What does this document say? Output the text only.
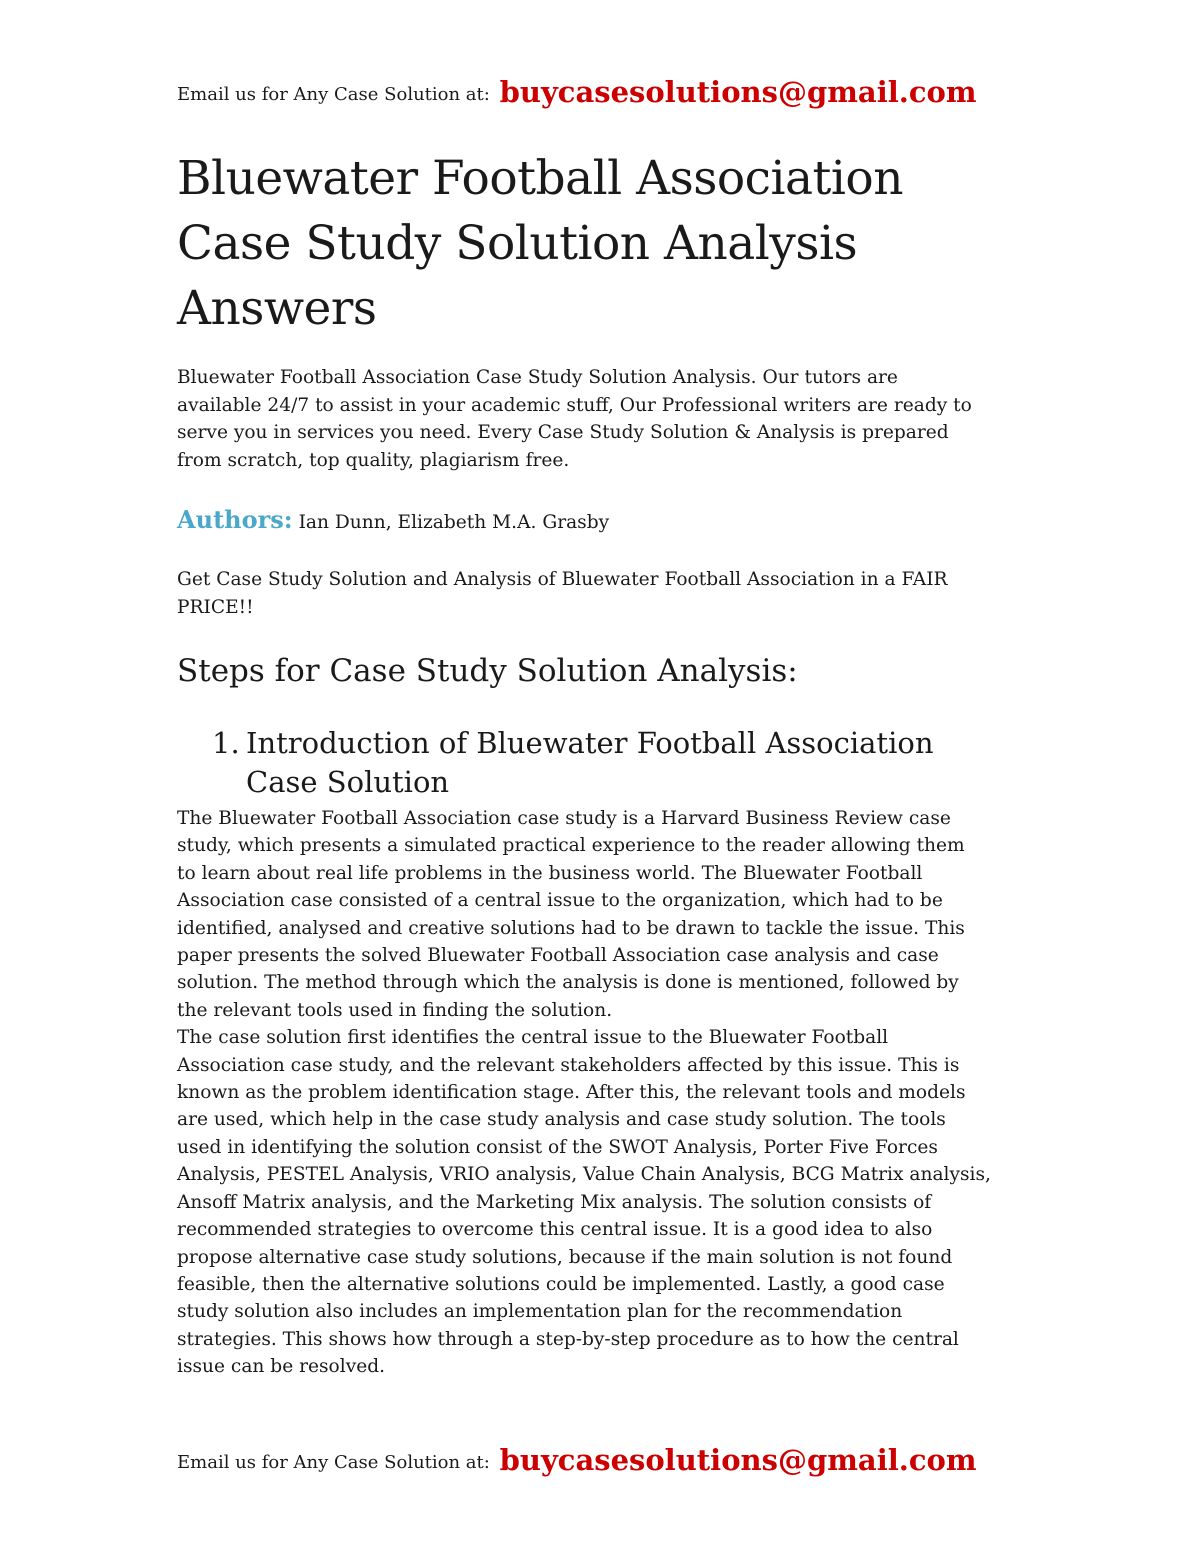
Email us for Any Case Solution at: buycasesolutions@gmail.com
Bluewater Football Association
Case Study Solution Analysis
Answers
Bluewater Football Association Case Study Solution Analysis. Our tutors are
available 24/7 to assist in your academic stuff, Our Professional writers are ready to
serve you in services you need. Every Case Study Solution & Analysis is prepared
from scratch, top quality, plagiarism free.
Authors: Ian Dunn, Elizabeth M.A. Grasby
Get Case Study Solution and Analysis of Bluewater Football Association in a FAIR
PRICE!!
Steps for Case Study Solution Analysis:
1. Introduction of Bluewater Football Association
Case Solution

The Bluewater Football Association case study is a Harvard Business Review case
study, which presents a simulated practical experience to the reader allowing them
to learn about real life problems in the business world. The Bluewater Football
Association case consisted of a central issue to the organization, which had to be
identified, analysed and creative solutions had to be drawn to tackle the issue. This
paper presents the solved Bluewater Football Association case analysis and case
solution. The method through which the analysis is done is mentioned, followed by
the relevant tools used in finding the solution.

The case solution first identifies the central issue to the Bluewater Football
Association case study, and the relevant stakeholders affected by this issue. This is
known as the problem identification stage. After this, the relevant tools and models
are used, which help in the case study analysis and case study solution. The tools
used in identifying the solution consist of the SWOT Analysis, Porter Five Forces
Analysis, PESTEL Analysis, VRIO analysis, Value Chain Analysis, BCG Matrix analysis,
Ansoff Matrix analysis, and the Marketing Mix analysis. The solution consists of
recommended strategies to overcome this central issue. It is a good idea to also
propose alternative case study solutions, because if the main solution is not found
feasible, then the alternative solutions could be implemented. Lastly, a good case
study solution also includes an implementation plan for the recommendation
strategies. This shows how through a step-by-step procedure as to how the central
issue can be resolved.

Email us for Any Case Solution at: buycasesolutions@gmail.com
